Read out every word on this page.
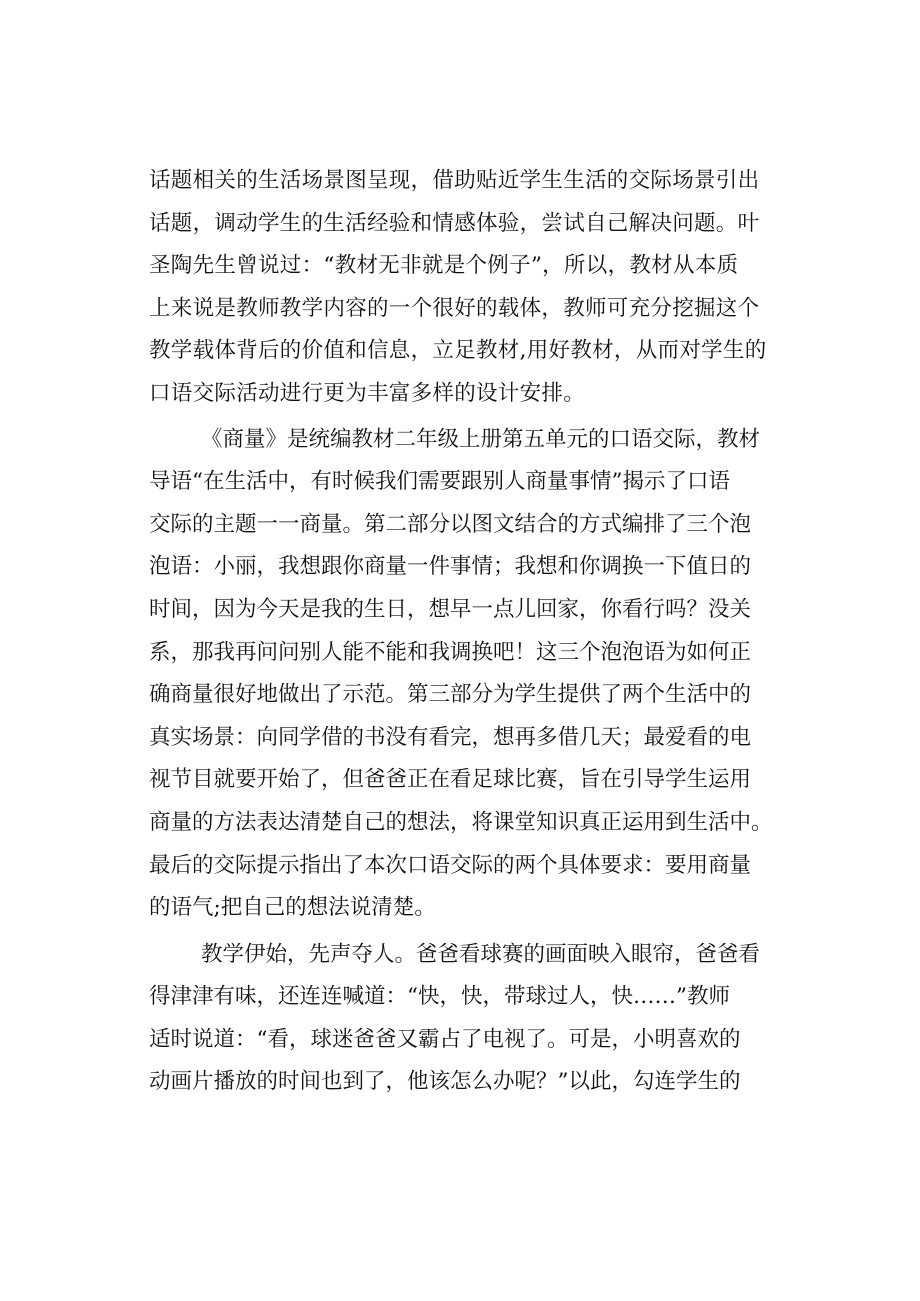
话题相关的生活场景图呈现，借助贴近学生生活的交际场景引出
话题，调动学生的生活经验和情感体验，尝试自己解决问题。叶
圣陶先生曾说过：“教材无非就是个例子”，所以，教材从本质
上来说是教师教学内容的一个很好的载体，教师可充分挖掘这个
教学载体背后的价值和信息，立足教材,用好教材，从而对学生的
口语交际活动进行更为丰富多样的设计安排。
《商量》是统编教材二年级上册第五单元的口语交际，教材
导语“在生活中，有时候我们需要跟别人商量事情”揭示了口语
交际的主题一一商量。第二部分以图文结合的方式编排了三个泡
泡语：小丽，我想跟你商量一件事情；我想和你调换一下值日的
时间，因为今天是我的生日，想早一点儿回家，你看行吗？没关
系，那我再问问别人能不能和我调换吧！这三个泡泡语为如何正
确商量很好地做出了示范。第三部分为学生提供了两个生活中的
真实场景：向同学借的书没有看完，想再多借几天；最爱看的电
视节目就要开始了，但爸爸正在看足球比赛，旨在引导学生运用
商量的方法表达清楚自己的想法，将课堂知识真正运用到生活中。
最后的交际提示指出了本次口语交际的两个具体要求：要用商量
的语气;把自己的想法说清楚。
教学伊始，先声夺人。爸爸看球赛的画面映入眼帘，爸爸看
得津津有味，还连连喊道：“快，快，带球过人，快……”教师
适时说道：“看，球迷爸爸又霸占了电视了。可是，小明喜欢的
动画片播放的时间也到了，他该怎么办呢？”以此，勾连学生的
